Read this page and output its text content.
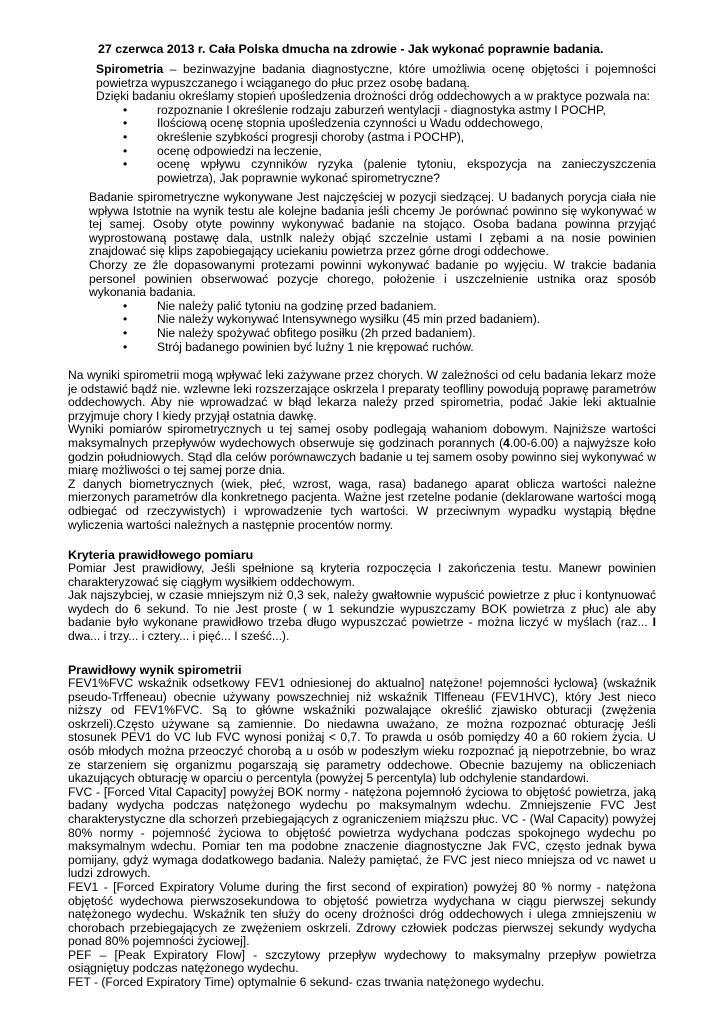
27 czerwca 2013 r. Cała Polska dmucha na zdrowie - Jak wykonać poprawnie badania.

Spirometria – bezinwazyjne badania diagnostyczne, które umożliwia ocenę objętości i pojemności powietrza wypuszczanego i wciąganego do płuc przez osobę badaną.

Dzięki badaniu określamy stopień upośledzenia drożności dróg oddechowych a w praktyce pozwala na:

• rozpoznanie I określenie rodzaju zaburzeń wentylacji - diagnostyka astmy I POCHP,
• Ilościową ocenę stopnia upośledzenia czynności u Wadu oddechowego,
• określenie szybkości progresji choroby (astma i POCHP),
• ocenę odpowiedzi na leczenie,
• ocenę wpływu czynników ryzyka (palenie tytoniu, ekspozycja na zanieczyszczenia powietrza), Jak poprawnie wykonać spirometryczne?

Badanie spirometryczne wykonywane Jest najczęściej w pozycji siedzącej. U badanych porycja ciała nie wpływa Istotnie na wynik testu ale kolejne badania jeśli chcemy Je porównać powinno się wykonywać w tej samej. Osoby otyte powinny wykonywać badanie na stojąco. Osoba badana powinna przyjąć wyprostowaną postawę dala, ustnlk należy objąć szczelnie ustami I zębami a na nosie powinien znajdować się klips zapobiegający uciekaniu powietrza przez górne drogi oddechowe.

Chorzy ze źle dopasowanymi protezami powinni wykonywać badanie po wyjęciu. W trakcie badania personel powinien obserwować pozycje chorego, położenie i uszczelnienie ustnika oraz sposób wykonania badania.

• Nie należy palić tytoniu na godzinę przed badaniem.
• Nie należy wykonywać Intensywnego wysiłku (45 min przed badaniem).
• Nie należy spożywać obfitego posiłku (2h przed badaniem).
• Strój badanego powinien być luźny 1 nie krępować ruchów.

Na wyniki spirometrii mogą wpływać leki zażywane przez chorych. W zależności od celu badania lekarz może je odstawić bądź nie. wzlewne leki rozszerzające oskrzela I preparaty teoflliny powodują poprawę parametrów oddechowych. Aby nie wprowadzać w błąd lekarza należy przed spirometria, podać Jakie leki aktualnie przyjmuje chory I kiedy przyjął ostatnia dawkę.

Wyniki pomiarów spirometrycznych u tej samej osoby podlegają wahaniom dobowym. Najniższe wartości maksymalnych przepływów wydechowych obserwuje się godzinach porannych (4.00-6.00) a najwyższe koło godzin południowych. Stąd dla celów porównawczych badanie u tej samem osoby powinno siej wykonywać w miarę możliwości o tej samej porze dnia.

Z danych biometrycznych (wiek, płeć, wzrost, waga, rasa) badanego aparat oblicza wartości należne mierzonych parametrów dla konkretnego pacjenta. Ważne jest rzetelne podanie (deklarowane wartości mogą odbiegać od rzeczywistych) i wprowadzenie tych wartości. W przeciwnym wypadku wystąpią błędne wyliczenia wartości należnych a następnie procentów normy.

Kryteria prawidłowego pomiaru

Pomiar Jest prawidłowy, Jeśli spełnione są kryteria rozpoczęcia I zakończenia testu. Manewr powinien charakteryzować się ciągłym wysiłkiem oddechowym.

Jak najszybciej, w czasie mniejszym niż 0,3 sek, należy gwałtownie wypuścić powietrze z płuc i kontynuować wydech do 6 sekund. To nie Jest proste ( w 1 sekundzie wypuszczamy BOK powietrza z płuc) ale aby badanie było wykonane prawidłowo trzeba długo wypuszczać powietrze - można liczyć w myślach (raz... I dwa... i trzy... i cztery... i pięć... I sześć...).

Prawidłowy wynik spirometrii

FEV1%FVC wskaźnik odsetkowy FEV1 odniesionej do aktualno] natężone! pojemności łyclowa} (wskaźnik pseudo-Trffeneau) obecnie używany powszechniej niż wskaźnik Tlffeneau (FEV1HVC), który Jest nieco niższy od FEV1%FVC. Są to główne wskaźniki pozwalające określić zjawisko obturacji (zwężenia oskrzeli).Często używane są zamiennie. Do niedawna uważano, ze można rozpoznać obturację Jeśli stosunek PEV1 do VC lub FVC wynosi poniżaj < 0,7. To prawda u osób pomiędzy 40 a 60 rokiem życia. U osób młodych można przeoczyć chorobą a u osób w podeszłym wieku rozpoznać ją niepotrzebnie, bo wraz ze starzeniem się organizmu pogarszają się parametry oddechowe. Obecnie bazujemy na obliczeniach ukazujących obturację w oparciu o percentyla (powyżej 5 percentyla) lub odchylenie standardowi.

FVC - [Forced Vital Capacity] powyżej BOK normy - natężona pojemnołó życiowa to objętość powietrza, jaką badany wydycha podczas natężonego wydechu po maksymalnym wdechu. Zmniejszenie FVC Jest charakterystyczne dla schorzeń przebiegających z ograniczeniem miąższu płuc. VC - (Wal Capacity) powyżej 80% normy - pojemność życiowa to objętość powietrza wydychana podczas spokojnego wydechu po maksymalnym wdechu. Pomiar ten ma podobne znaczenie diagnostyczne Jak FVC, często jednak bywa pomijany, gdyż wymaga dodatkowego badania. Należy pamiętać, że FVC jest nieco mniejsza od vc nawet u ludzi zdrowych.

FEV1 - [Forced Expiratory Volume during the first second of expiration) powyżej 80 % normy - natężona objętość wydechowa pierwszosekundowa to objętość powietrza wydychana w ciągu pierwszej sekundy natężonego wydechu. Wskaźnik ten służy do oceny drożności dróg oddechowych i ulega zmniejszeniu w chorobach przebiegających ze zwężeniem oskrzeli. Zdrowy człowiek podczas pierwszej sekundy wydycha ponad 80% pojemności życiowej].

PEF – [Peak Expiratory Flow] - szczytowy przepływ wydechowy to maksymalny przepływ powietrza osiągniętuy podczas natężonego wydechu.

FET - (Forced Expiratory Time) optymalnie 6 sekund- czas trwania natężonego wydechu.
